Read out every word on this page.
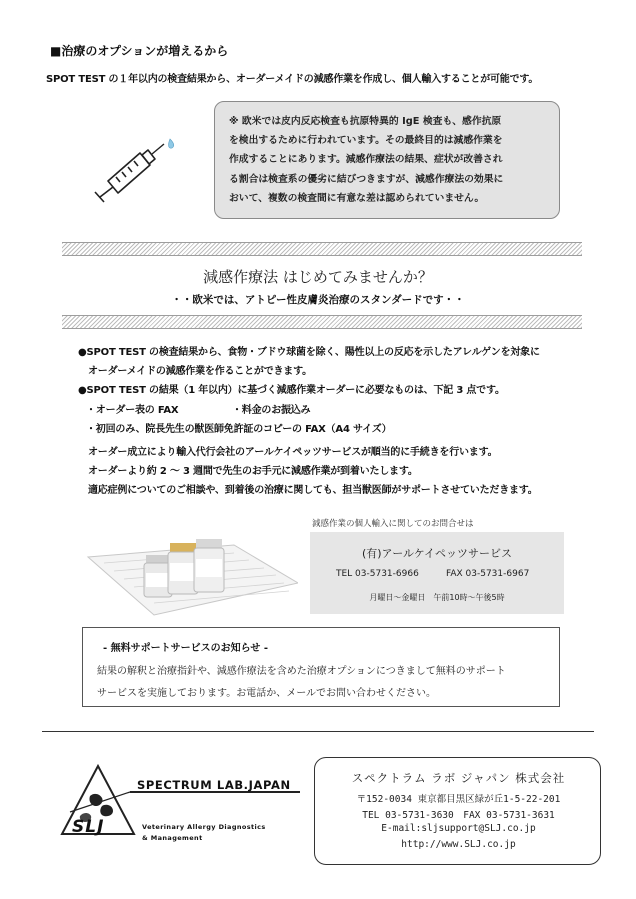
■治療のオプションが増えるから
SPOT TEST の１年以内の検査結果から、オーダーメイドの減感作業を作成し、個人輸入することが可能です。

※ 欧米では皮内反応検査も抗原特異的 IgE 検査も、感作抗原

を検出するために行われています。その最終目的は減感作業を

作成することにあります。減感作療法の結果、症状が改善され

る割合は検査系の優劣に結びつきますが、減感作療法の効果に

おいて、複数の検査間に有意な差は認められていません。

減感作療法 はじめてみませんか？
・・欧米では、アトピー性皮膚炎治療のスタンダードです・・
●SPOT TEST の検査結果から、食物・ブドウ球菌を除く、陽性以上の反応を示したアレルゲンを対象に
オーダーメイドの減感作業を作ることができます。
●SPOT TEST の結果（1 年以内）に基づく減感作業オーダーに必要なものは、下記 3 点です。
・オーダー表の FAX	・料金のお振込み
・初回のみ、院長先生の獣医師免許証のコピーの FAX（A4 サイズ）
オーダー成立により輸入代行会社のアールケイペッツサービスが順当的に手続きを行います。
オーダーより約 2 ～ 3 週間で先生のお手元に減感作業が到着いたします。
適応症例についてのご相談や、到着後の治療に関しても、担当獣医師がサポートさせていただきます。
減感作業の個人輸入に関してのお問合せは
(有)アールケイペッツサービス
TEL 03-5731-6966	FAX 03-5731-6967
月曜日～金曜日　午前10時～午後5時
- 無料サポートサービスのお知らせ -
結果の解釈と治療指針や、減感作療法を含めた治療オプションにつきまして無料のサポート
サービスを実施しております。お電話か、メールでお問い合わせください。
SPECTRUM LAB.JAPAN
Veterinary Allergy Diagnostics
& Management
SLJ
スペクトラム ラボ ジャパン 株式会社
〒152-0034 東京都目黒区緑が丘1-5-22-201
TEL 03-5731-3630　FAX 03-5731-3631
E-mail:sljsupport@SLJ.co.jp
http://www.SLJ.co.jp
